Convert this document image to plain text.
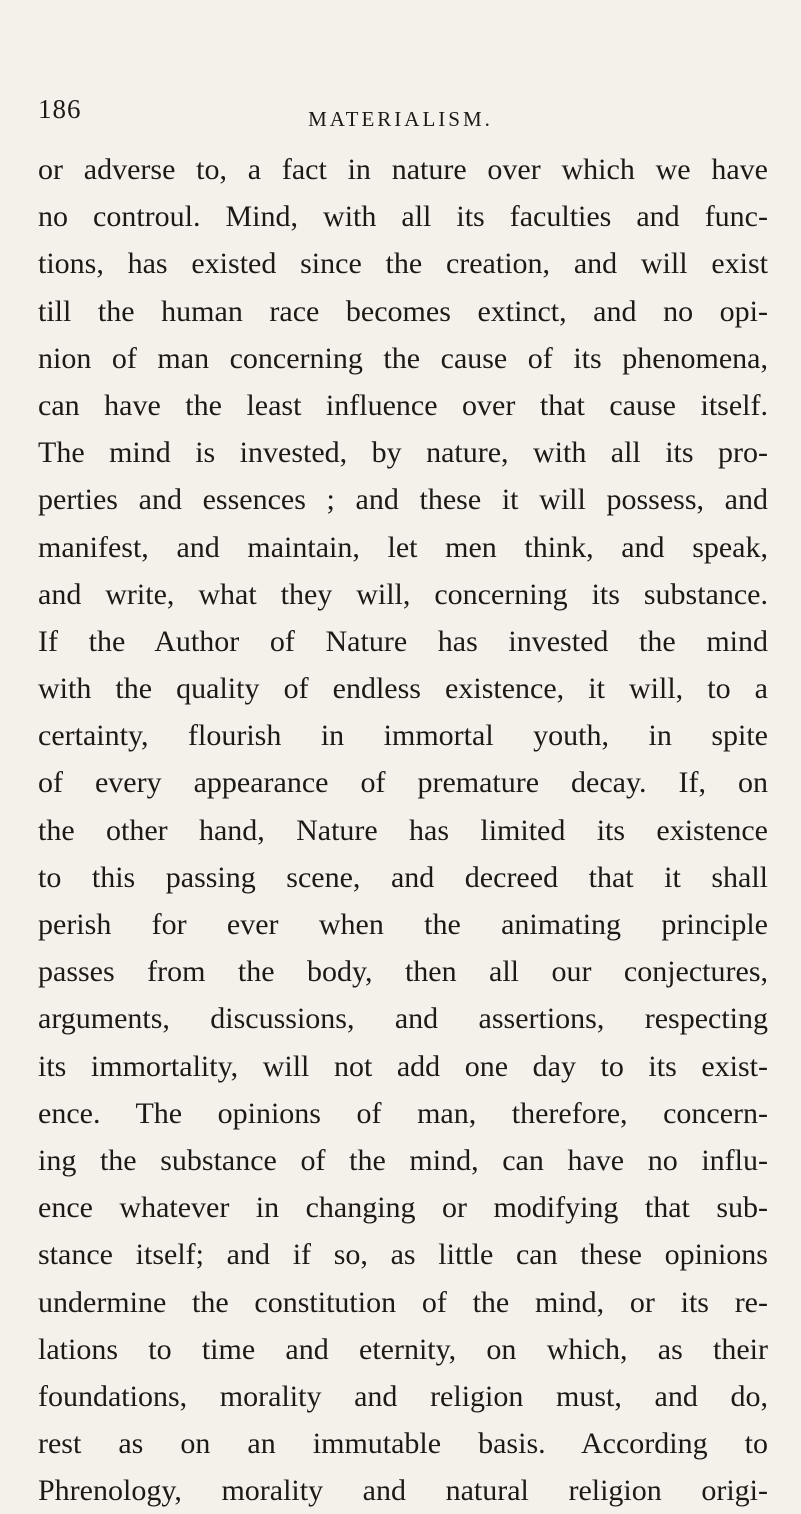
186	MATERIALISM.
or adverse to, a fact in nature over which we have
no controul. Mind, with all its faculties and func-
tions, has existed since the creation, and will exist
till the human race becomes extinct, and no opi-
nion of man concerning the cause of its phenomena,
can have the least influence over that cause itself.
The mind is invested, by nature, with all its pro-
perties and essences ; and these it will possess, and
manifest, and maintain, let men think, and speak,
and write, what they will, concerning its substance.
If the Author of Nature has invested the mind
with the quality of endless existence, it will, to a
certainty, flourish in immortal youth, in spite
of every appearance of premature decay. If, on
the other hand, Nature has limited its existence
to this passing scene, and decreed that it shall
perish for ever when the animating principle
passes from the body, then all our conjectures,
arguments, discussions, and assertions, respecting
its immortality, will not add one day to its exist-
ence. The opinions of man, therefore, concern-
ing the substance of the mind, can have no influ-
ence whatever in changing or modifying that sub-
stance itself; and if so, as little can these opinions
undermine the constitution of the mind, or its re-
lations to time and eternity, on which, as their
foundations, morality and religion must, and do,
rest as on an immutable basis. According to
Phrenology, morality and natural religion origi-
